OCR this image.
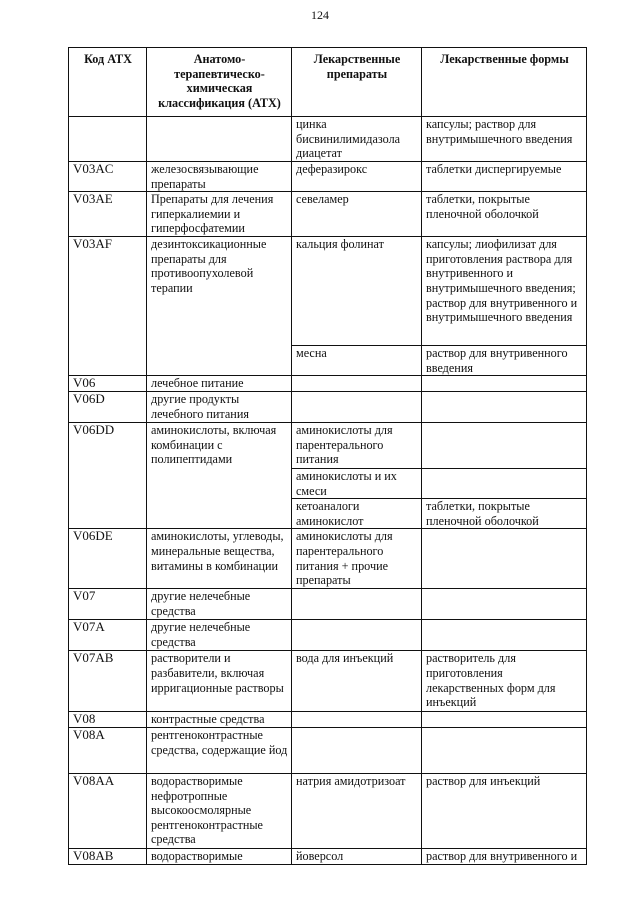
124
Код АТХ	Анатомо-терапевтическо-химическая классификация (АТХ)	Лекарственные препараты	Лекарственные формы
		цинка бисвинилимидазола диацетат	капсулы; раствор для внутримышечного введения
V03AC	железосвязывающие препараты	деферазирокс	таблетки диспергируемые
V03AE	Препараты для лечения гиперкалиемии и гиперфосфатемии	севеламер	таблетки, покрытые пленочной оболочкой
V03AF	дезинтоксикационные препараты для противоопухолевой терапии	кальция фолинат	капсулы; лиофилизат для приготовления раствора для внутривенного и внутримышечного введения; раствор для внутривенного и внутримышечного введения
		месна	раствор для внутривенного введения
V06	лечебное питание		
V06D	другие продукты лечебного питания		
V06DD	аминокислоты, включая комбинации с полипептидами	аминокислоты для парентерального питания	
		аминокислоты и их смеси	
		кетоаналоги аминокислот	таблетки, покрытые пленочной оболочкой
V06DE	аминокислоты, углеводы, минеральные вещества, витамины в комбинации	аминокислоты для парентерального питания + прочие препараты	
V07	другие нелечебные средства		
V07A	другие нелечебные средства		
V07AB	растворители и разбавители, включая ирригационные растворы	вода для инъекций	растворитель для приготовления лекарственных форм для инъекций
V08	контрастные средства		
V08A	рентгеноконтрастные средства, содержащие йод		
V08AA	водорастворимые нефротропные высокоосмолярные рентгеноконтрастные средства	натрия амидотризоат	раствор для инъекций
V08AB	водорастворимые	йоверсол	раствор для внутривенного и
